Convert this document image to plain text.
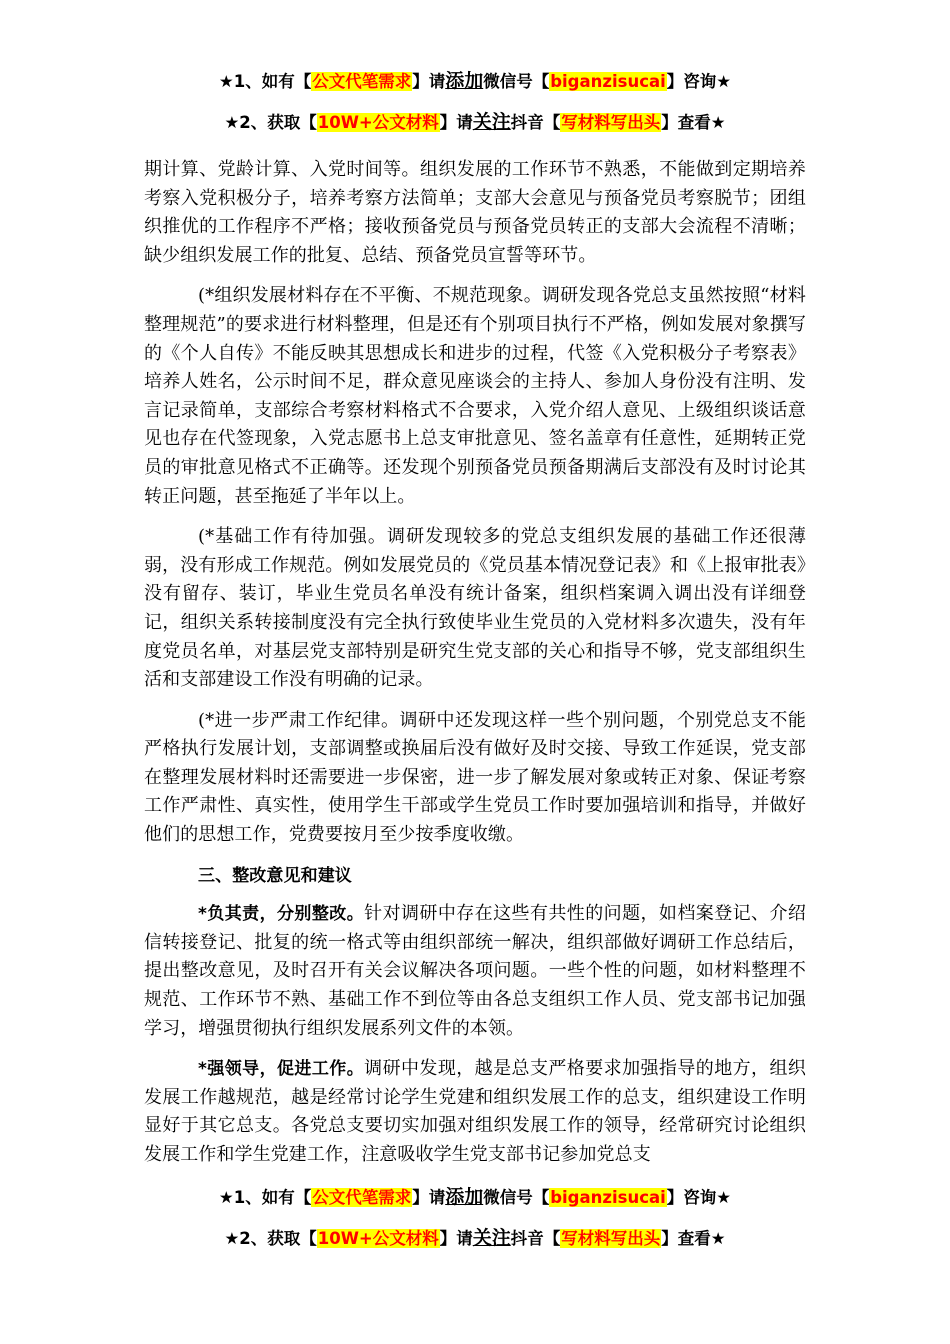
★1、如有【公文代笔需求】请添加微信号【biganzisucai】咨询★
★2、获取【10W+公文材料】请关注抖音【写材料写出头】查看★

期计算、党龄计算、入党时间等。组织发展的工作环节不熟悉，不能做到定期培养考察入党积极分子，培养考察方法简单；支部大会意见与预备党员考察脱节；团组织推优的工作程序不严格；接收预备党员与预备党员转正的支部大会流程不清晰；缺少组织发展工作的批复、总结、预备党员宣誓等环节。

(*组织发展材料存在不平衡、不规范现象。调研发现各党总支虽然按照“材料整理规范”的要求进行材料整理，但是还有个别项目执行不严格，例如发展对象撰写的《个人自传》不能反映其思想成长和进步的过程，代签《入党积极分子考察表》培养人姓名，公示时间不足，群众意见座谈会的主持人、参加人身份没有注明、发言记录简单，支部综合考察材料格式不合要求，入党介绍人意见、上级组织谈话意见也存在代签现象，入党志愿书上总支审批意见、签名盖章有任意性，延期转正党员的审批意见格式不正确等。还发现个别预备党员预备期满后支部没有及时讨论其转正问题，甚至拖延了半年以上。

(*基础工作有待加强。调研发现较多的党总支组织发展的基础工作还很薄弱，没有形成工作规范。例如发展党员的《党员基本情况登记表》和《上报审批表》没有留存、装订，毕业生党员名单没有统计备案，组织档案调入调出没有详细登记，组织关系转接制度没有完全执行致使毕业生党员的入党材料多次遗失，没有年度党员名单，对基层党支部特别是研究生党支部的关心和指导不够，党支部组织生活和支部建设工作没有明确的记录。

(*进一步严肃工作纪律。调研中还发现这样一些个别问题，个别党总支不能严格执行发展计划，支部调整或换届后没有做好及时交接、导致工作延误，党支部在整理发展材料时还需要进一步保密，进一步了解发展对象或转正对象、保证考察工作严肃性、真实性，使用学生干部或学生党员工作时要加强培训和指导，并做好他们的思想工作，党费要按月至少按季度收缴。

三、整改意见和建议

*负其责，分别整改。针对调研中存在这些有共性的问题，如档案登记、介绍信转接登记、批复的统一格式等由组织部统一解决，组织部做好调研工作总结后，提出整改意见，及时召开有关会议解决各项问题。一些个性的问题，如材料整理不规范、工作环节不熟、基础工作不到位等由各总支组织工作人员、党支部书记加强学习，增强贯彻执行组织发展系列文件的本领。

*强领导，促进工作。调研中发现，越是总支严格要求加强指导的地方，组织发展工作越规范，越是经常讨论学生党建和组织发展工作的总支，组织建设工作明显好于其它总支。各党总支要切实加强对组织发展工作的领导，经常研究讨论组织发展工作和学生党建工作，注意吸收学生党支部书记参加党总支

★1、如有【公文代笔需求】请添加微信号【biganzisucai】咨询★
★2、获取【10W+公文材料】请关注抖音【写材料写出头】查看★
